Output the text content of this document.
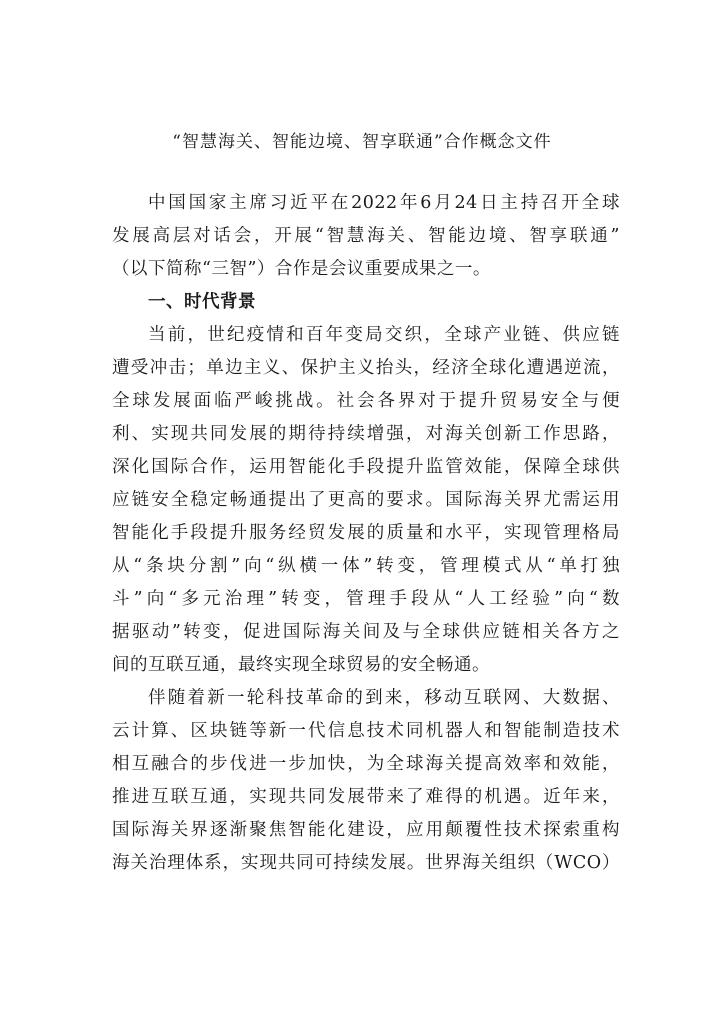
“智慧海关、智能边境、智享联通”合作概念文件
中国国家主席习近平在2022年6月24日主持召开全球
发展高层对话会，开展“智慧海关、智能边境、智享联通”
（以下简称“三智”）合作是会议重要成果之一。
一、时代背景
当前，世纪疫情和百年变局交织，全球产业链、供应链
遭受冲击；单边主义、保护主义抬头，经济全球化遭遇逆流，
全球发展面临严峻挑战。社会各界对于提升贸易安全与便
利、实现共同发展的期待持续增强，对海关创新工作思路，
深化国际合作，运用智能化手段提升监管效能，保障全球供
应链安全稳定畅通提出了更高的要求。国际海关界尤需运用
智能化手段提升服务经贸发展的质量和水平，实现管理格局
从“条块分割”向“纵横一体”转变，管理模式从“单打独
斗”向“多元治理”转变，管理手段从“人工经验”向“数
据驱动”转变，促进国际海关间及与全球供应链相关各方之
间的互联互通，最终实现全球贸易的安全畅通。
伴随着新一轮科技革命的到来，移动互联网、大数据、
云计算、区块链等新一代信息技术同机器人和智能制造技术
相互融合的步伐进一步加快，为全球海关提高效率和效能，
推进互联互通，实现共同发展带来了难得的机遇。近年来，
国际海关界逐渐聚焦智能化建设，应用颠覆性技术探索重构
海关治理体系，实现共同可持续发展。世界海关组织（WCO）
